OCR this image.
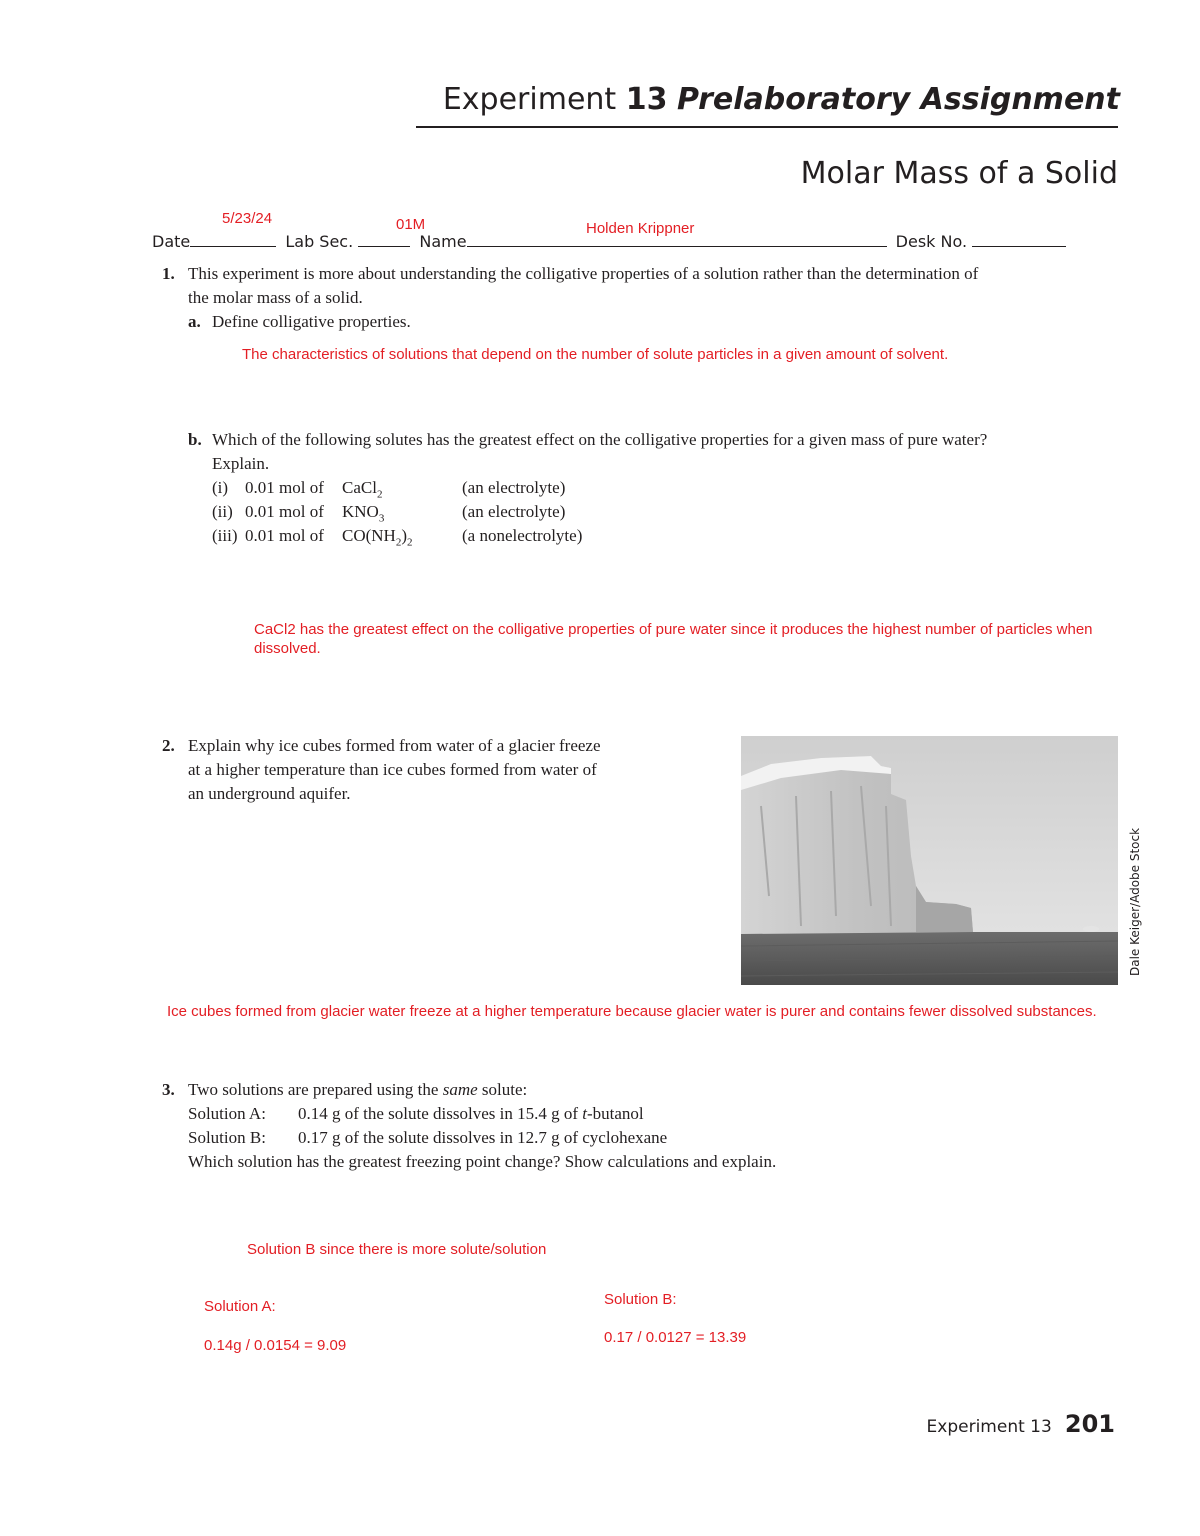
Experiment 13 Prelaboratory Assignment
Molar Mass of a Solid
5/23/24	01M	Holden Krippner
Date	Lab Sec.	Name	Desk No.
1. This experiment is more about understanding the colligative properties of a solution rather than the determination of
the molar mass of a solid.
a. Define colligative properties.
The characteristics of solutions that depend on the number of solute particles in a given amount of solvent.
b. Which of the following solutes has the greatest effect on the colligative properties for a given mass of pure water?
Explain.
(i) 0.01 mol of CaCl$_2$	(an electrolyte)
(ii) 0.01 mol of $KNO_3$	(an electrolyte)
(iii) 0.01 mol of $CO(NH_2)_2$	(a nonelectrolyte)
CaCl2 has the greatest effect on the colligative properties of pure water since it produces the highest number of particles when dissolved.
2. Explain why ice cubes formed from water of a glacier freeze
at a higher temperature than ice cubes formed from water of
an underground aquifer.
Dale Keiger/Adobe Stock
Ice cubes formed from glacier water freeze at a higher temperature because glacier water is purer and contains fewer dissolved substances.
3. Two solutions are prepared using the same solute:
Solution A: 0.14 g of the solute dissolves in 15.4 g of t-butanol
Solution B: 0.17 g of the solute dissolves in 12.7 g of cyclohexane
Which solution has the greatest freezing point change? Show calculations and explain.
Solution B since there is more solute/solution
Solution A:
0.14g / 0.0154 = 9.09
Solution B:
0.17 / 0.0127 = 13.39
Experiment 13 201
